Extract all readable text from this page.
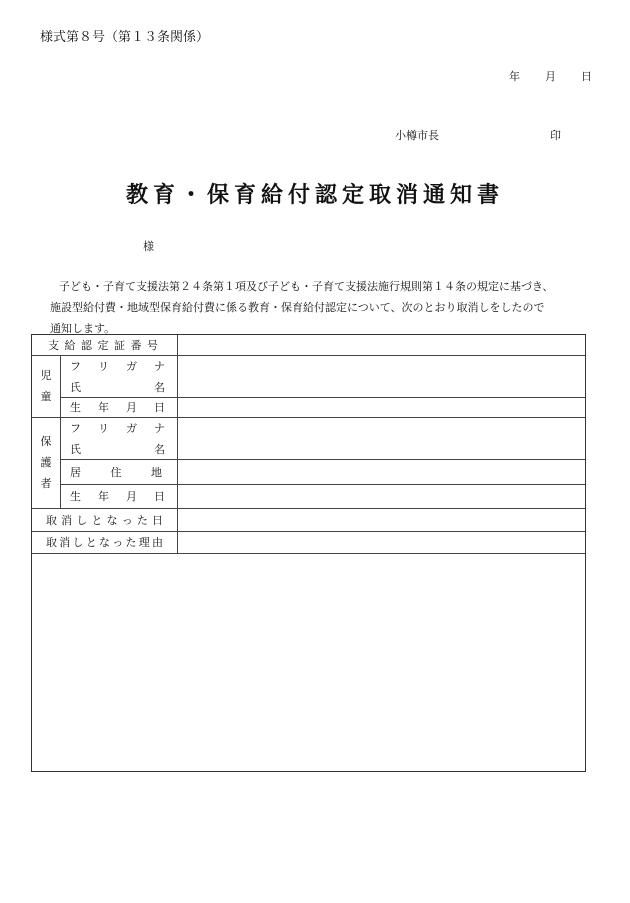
様式第８号（第１３条関係）
年 月 日
小樽市長	印
教育・保育給付認定取消通知書
様
子ども・子育て支援法第２４条第１項及び子ども・子育て支援法施行規則第１４条の規定に基づき、
施設型給付費・地域型保育給付費に係る教育・保育給付認定について、次のとおり取消しをしたので
通知します。
支 給 認 定 証 番 号
児
童
フ リ ガ ナ
氏	名
生 年 月 日
保
護
者
フ リ ガ ナ
氏	名
居	住	地
生 年 月 日
取 消 し と な っ た 日
取 消 し と な っ た 理 由
